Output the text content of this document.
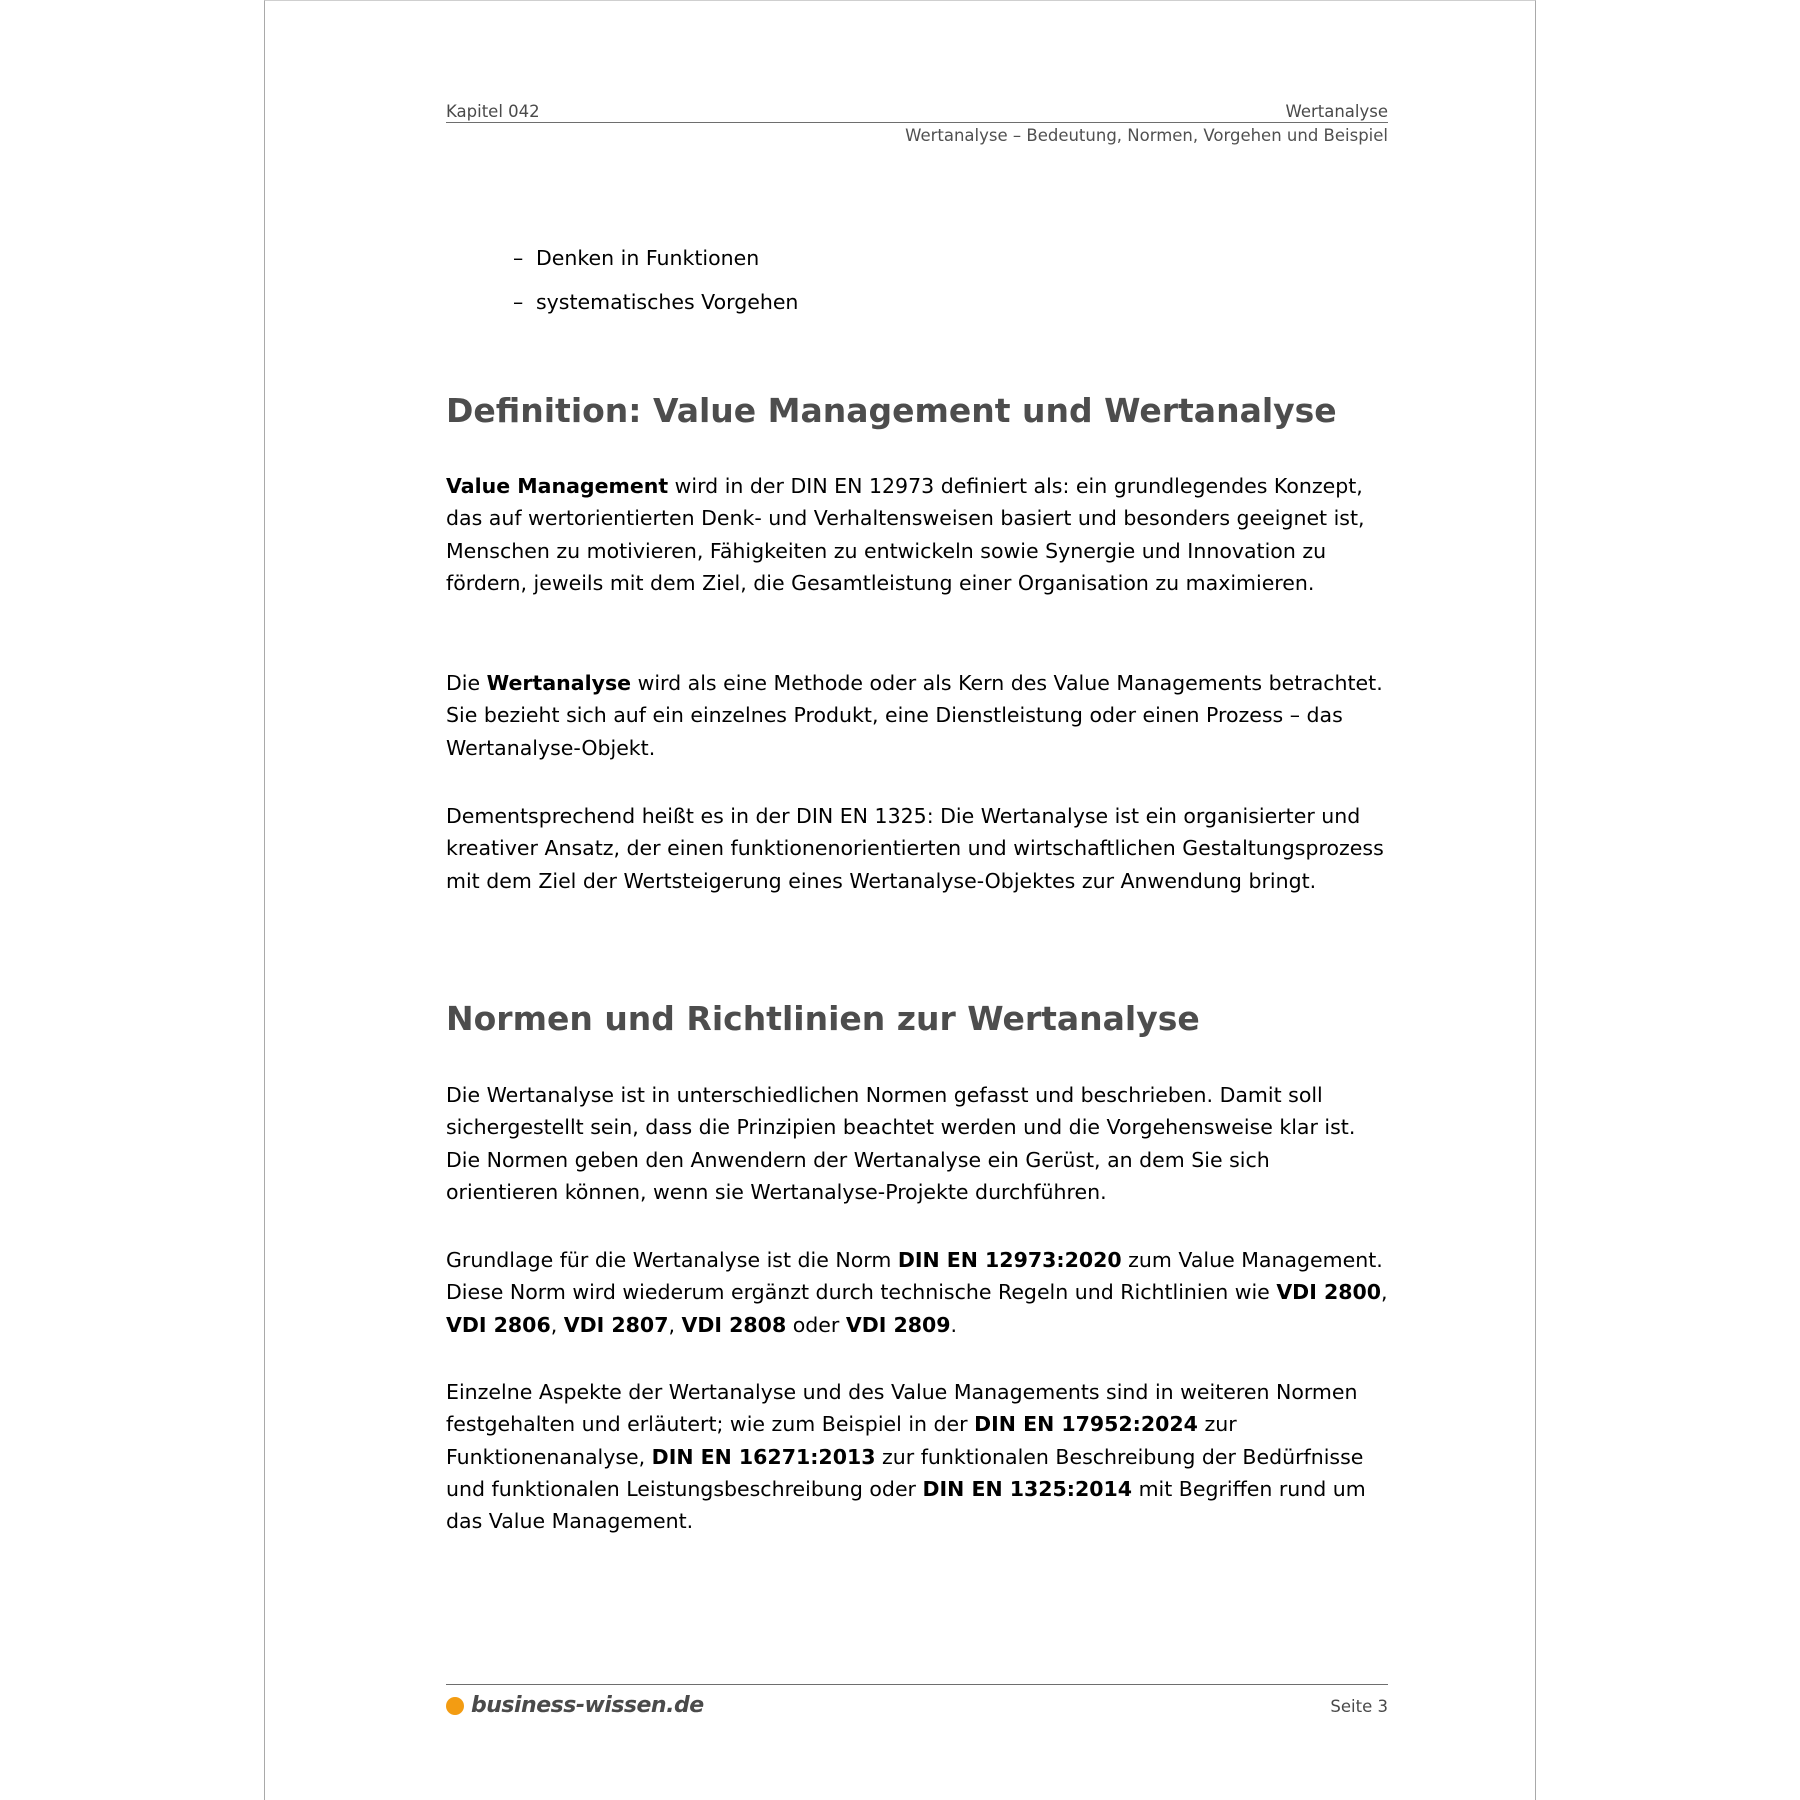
Kapitel 042	Wertanalyse
Wertanalyse – Bedeutung, Normen, Vorgehen und Beispiel
– Denken in Funktionen
– systematisches Vorgehen
Definition: Value Management und Wertanalyse

Value Management wird in der DIN EN 12973 definiert als: ein grundlegendes Konzept, das auf wertorientierten Denk- und Verhaltensweisen basiert und besonders geeignet ist, Menschen zu motivieren, Fähigkeiten zu entwickeln sowie Synergie und Innovation zu fördern, jeweils mit dem Ziel, die Gesamtleistung einer Organisation zu maximieren.

Die Wertanalyse wird als eine Methode oder als Kern des Value Managements betrachtet. Sie bezieht sich auf ein einzelnes Produkt, eine Dienstleistung oder einen Prozess – das Wertanalyse-Objekt.

Dementsprechend heißt es in der DIN EN 1325: Die Wertanalyse ist ein organisierter und kreativer Ansatz, der einen funktionenorientierten und wirtschaftlichen Gestaltungsprozess mit dem Ziel der Wertsteigerung eines Wertanalyse-Objektes zur Anwendung bringt.

Normen und Richtlinien zur Wertanalyse

Die Wertanalyse ist in unterschiedlichen Normen gefasst und beschrieben. Damit soll sichergestellt sein, dass die Prinzipien beachtet werden und die Vorgehensweise klar ist. Die Normen geben den Anwendern der Wertanalyse ein Gerüst, an dem Sie sich orientieren können, wenn sie Wertanalyse-Projekte durchführen.

Grundlage für die Wertanalyse ist die Norm DIN EN 12973:2020 zum Value Management. Diese Norm wird wiederum ergänzt durch technische Regeln und Richtlinien wie VDI 2800, VDI 2806, VDI 2807, VDI 2808 oder VDI 2809.

Einzelne Aspekte der Wertanalyse und des Value Managements sind in weiteren Normen festgehalten und erläutert; wie zum Beispiel in der DIN EN 17952:2024 zur Funktionenanalyse, DIN EN 16271:2013 zur funktionalen Beschreibung der Bedürfnisse und funktionalen Leistungsbeschreibung oder DIN EN 1325:2014 mit Begriffen rund um das Value Management.

business-wissen.de	Seite 3
